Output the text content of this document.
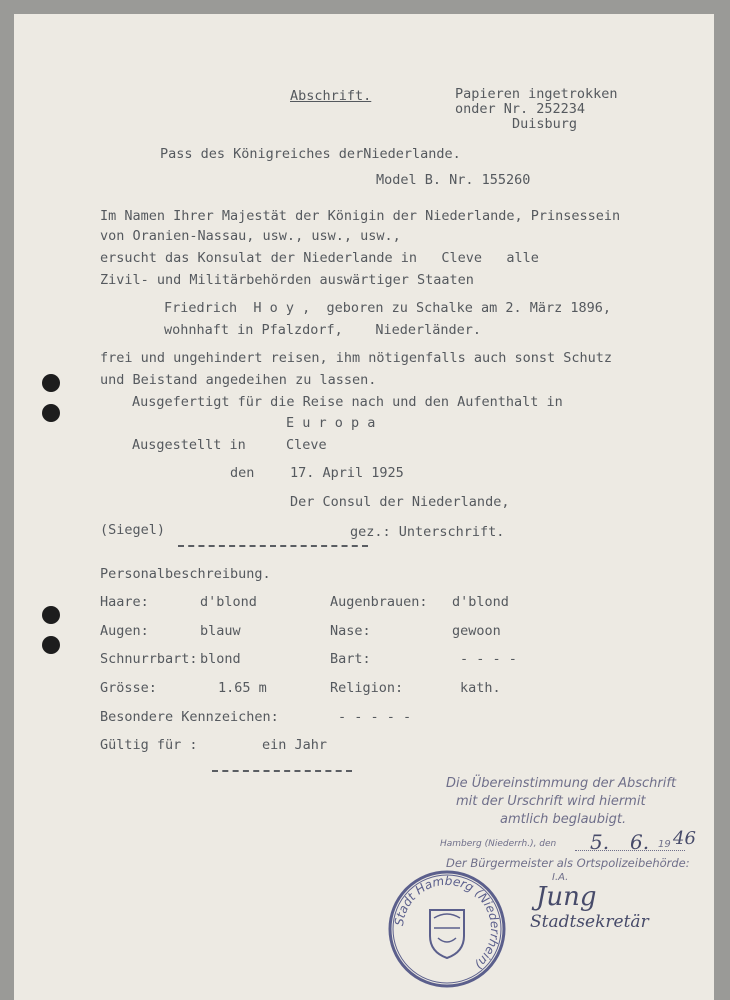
Abschrift.	Papieren ingetrokken
onder Nr. 252234
Duisburg
Pass des Königreiches derNiederlande.
Model B. Nr. 155260
Im Namen Ihrer Majestät der Königin der Niederlande, Prinsessein
von Oranien-Nassau, usw., usw., usw.,
ersucht das Konsulat der Niederlande in   Cleve   alle
Zivil- und Militärbehörden auswärtiger Staaten
Friedrich  H o y ,  geboren zu Schalke am 2. März 1896,
wohnhaft in Pfalzdorf,    Niederländer.
frei und ungehindert reisen, ihm nötigenfalls auch sonst Schutz
und Beistand angedeihen zu lassen.
Ausgefertigt für die Reise nach und den Aufenthalt in
E u r o p a
Ausgestellt in	Cleve
den	17. April 1925
Der Consul der Niederlande,
(Siegel)	gez.: Unterschrift.
Personalbeschreibung.
Haare:	d'blond	Augenbrauen: d'blond
Augen:	blauw	Nase:	gewoon
Schnurrbart: blond	Bart:	- - - -
Grösse:	1.65 m	Religion:	kath.
Besondere Kennzeichen:	- - - - -
Gültig für :	ein Jahr
Die Übereinstimmung der Abschrift
mit der Urschrift wird hiermit
amtlich beglaubigt.
Hamberg (Niederrh.), den 5. 6. 19 46
Der Bürgermeister als Ortspolizeibehörde:
I.A.
Jung
Stadtsekretär
Stadt Hamberg (Niederrhein)
